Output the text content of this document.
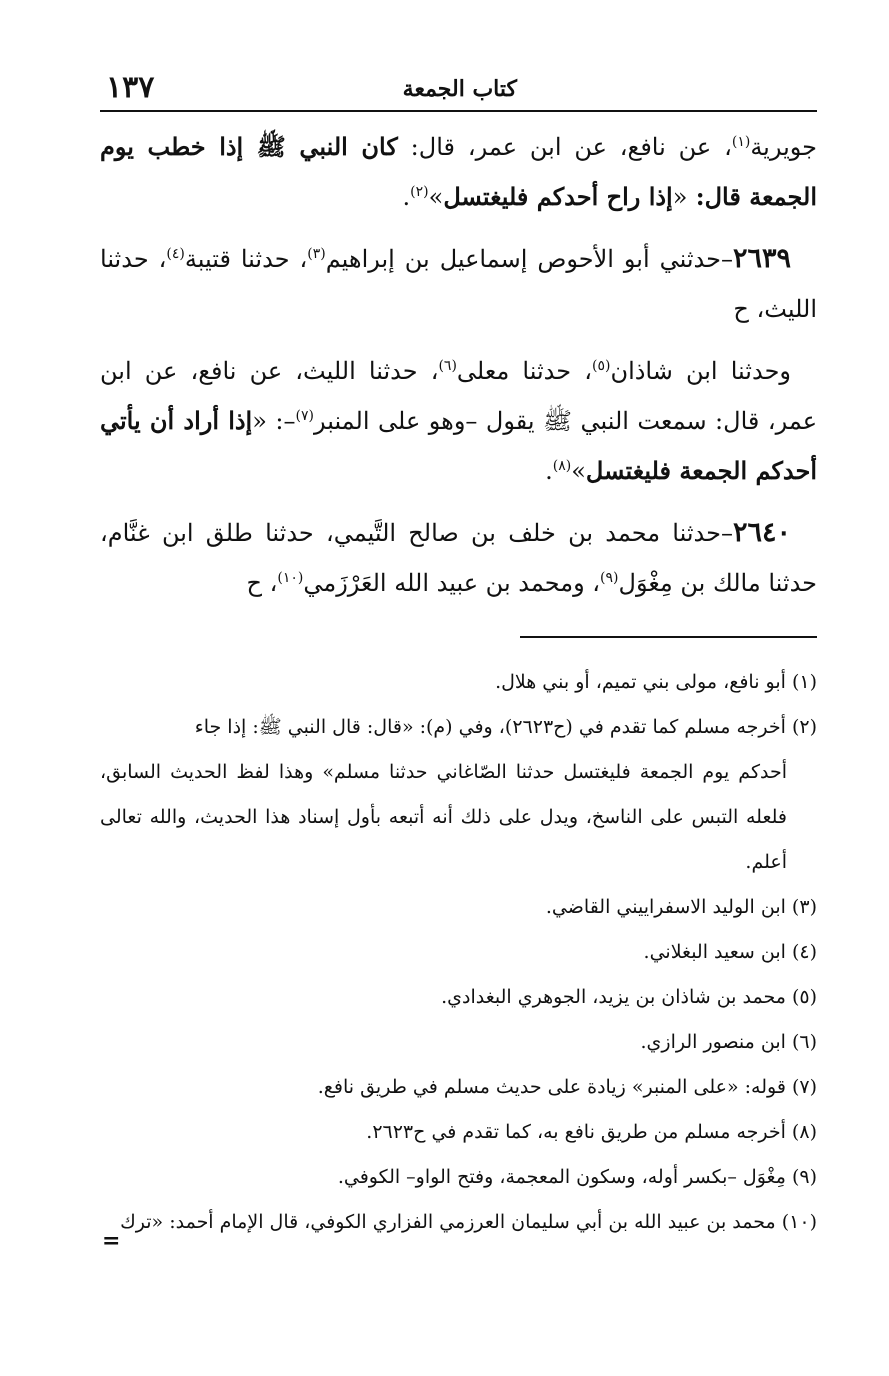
كتاب الجمعة
١٣٧

جويرية$^{(١)}$، عن نافع، عن ابن عمر، قال: كان النبي ﷺ إذا خطب يوم الجمعة قال: «إذا راح أحدكم فليغتسل»$^{(٢)}$.

٢٦٣٩–حدثني أبو الأحوص إسماعيل بن إبراهيم$^{(٣)}$، حدثنا قتيبة$^{(٤)}$، حدثنا الليث، ح

وحدثنا ابن شاذان$^{(٥)}$، حدثنا معلى$^{(٦)}$، حدثنا الليث، عن نافع، عن ابن عمر، قال: سمعت النبي ﷺ يقول –وهو على المنبر$^{(٧)}$–: «إذا أراد أن يأتي أحدكم الجمعة فليغتسل»$^{(٨)}$.

٢٦٤٠–حدثنا محمد بن خلف بن صالح التَّيمي، حدثنا طلق ابن غنَّام، حدثنا مالك بن مِغْوَل$^{(٩)}$، ومحمد بن عبيد الله العَرْزَمي$^{(١٠)}$، ح

(١) أبو نافع، مولى بني تميم، أو بني هلال.
(٢) أخرجه مسلم كما تقدم في (ح٢٦٢٣)، وفي (م): «قال: قال النبي ﷺ: إذا جاء
أحدكم يوم الجمعة فليغتسل حدثنا الصّاغاني حدثنا مسلم» وهذا لفظ الحديث السابق، فلعله التبس على الناسخ، ويدل على ذلك أنه أتبعه بأول إسناد هذا الحديث، والله تعالى أعلم.
(٣) ابن الوليد الاسفراييني القاضي.
(٤) ابن سعيد البغلاني.
(٥) محمد بن شاذان بن يزيد، الجوهري البغدادي.
(٦) ابن منصور الرازي.
(٧) قوله: «على المنبر» زيادة على حديث مسلم في طريق نافع.
(٨) أخرجه مسلم من طريق نافع به، كما تقدم في ح٢٦٢٣.
(٩) مِغْوَل –بكسر أوله، وسكون المعجمة، وفتح الواو– الكوفي.
(١٠) محمد بن عبيد الله بن أبي سليمان العرزمي الفزاري الكوفي، قال الإمام أحمد: «ترك
=
